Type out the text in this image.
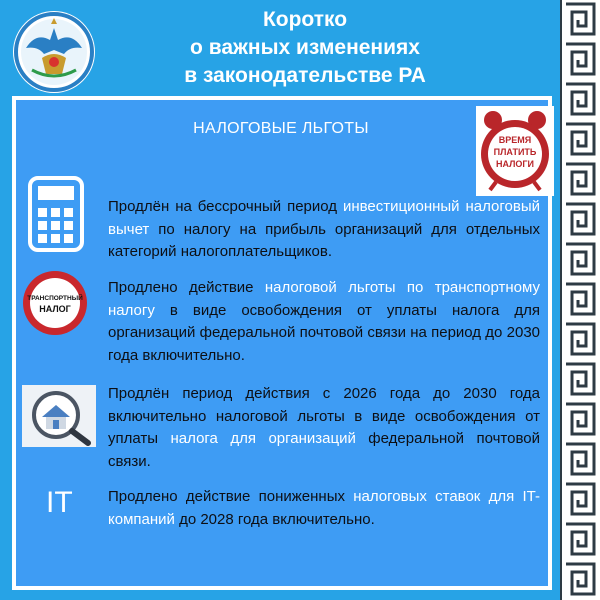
Коротко
о важных изменениях
в законодательстве РА
НАЛОГОВЫЕ ЛЬГОТЫ
ВРЕМЯ
ПЛАТИТЬ
НАЛОГИ
Продлён на бессрочный период инвестиционный налоговый вычет по налогу на прибыль организаций для отдельных категорий налогоплательщиков.
ТРАНСПОРТНЫЙ
НАЛОГ
Продлено действие налоговой льготы по транспортному налогу в виде освобождения от уплаты налога для организаций федеральной почтовой связи на период до 2030 года включительно.
Продлён период действия с 2026 года до 2030 года включительно налоговой льготы в виде освобождения от уплаты налога для организаций федеральной почтовой связи.
IT Продлено действие пониженных налоговых ставок для IT-компаний до 2028 года включительно.
